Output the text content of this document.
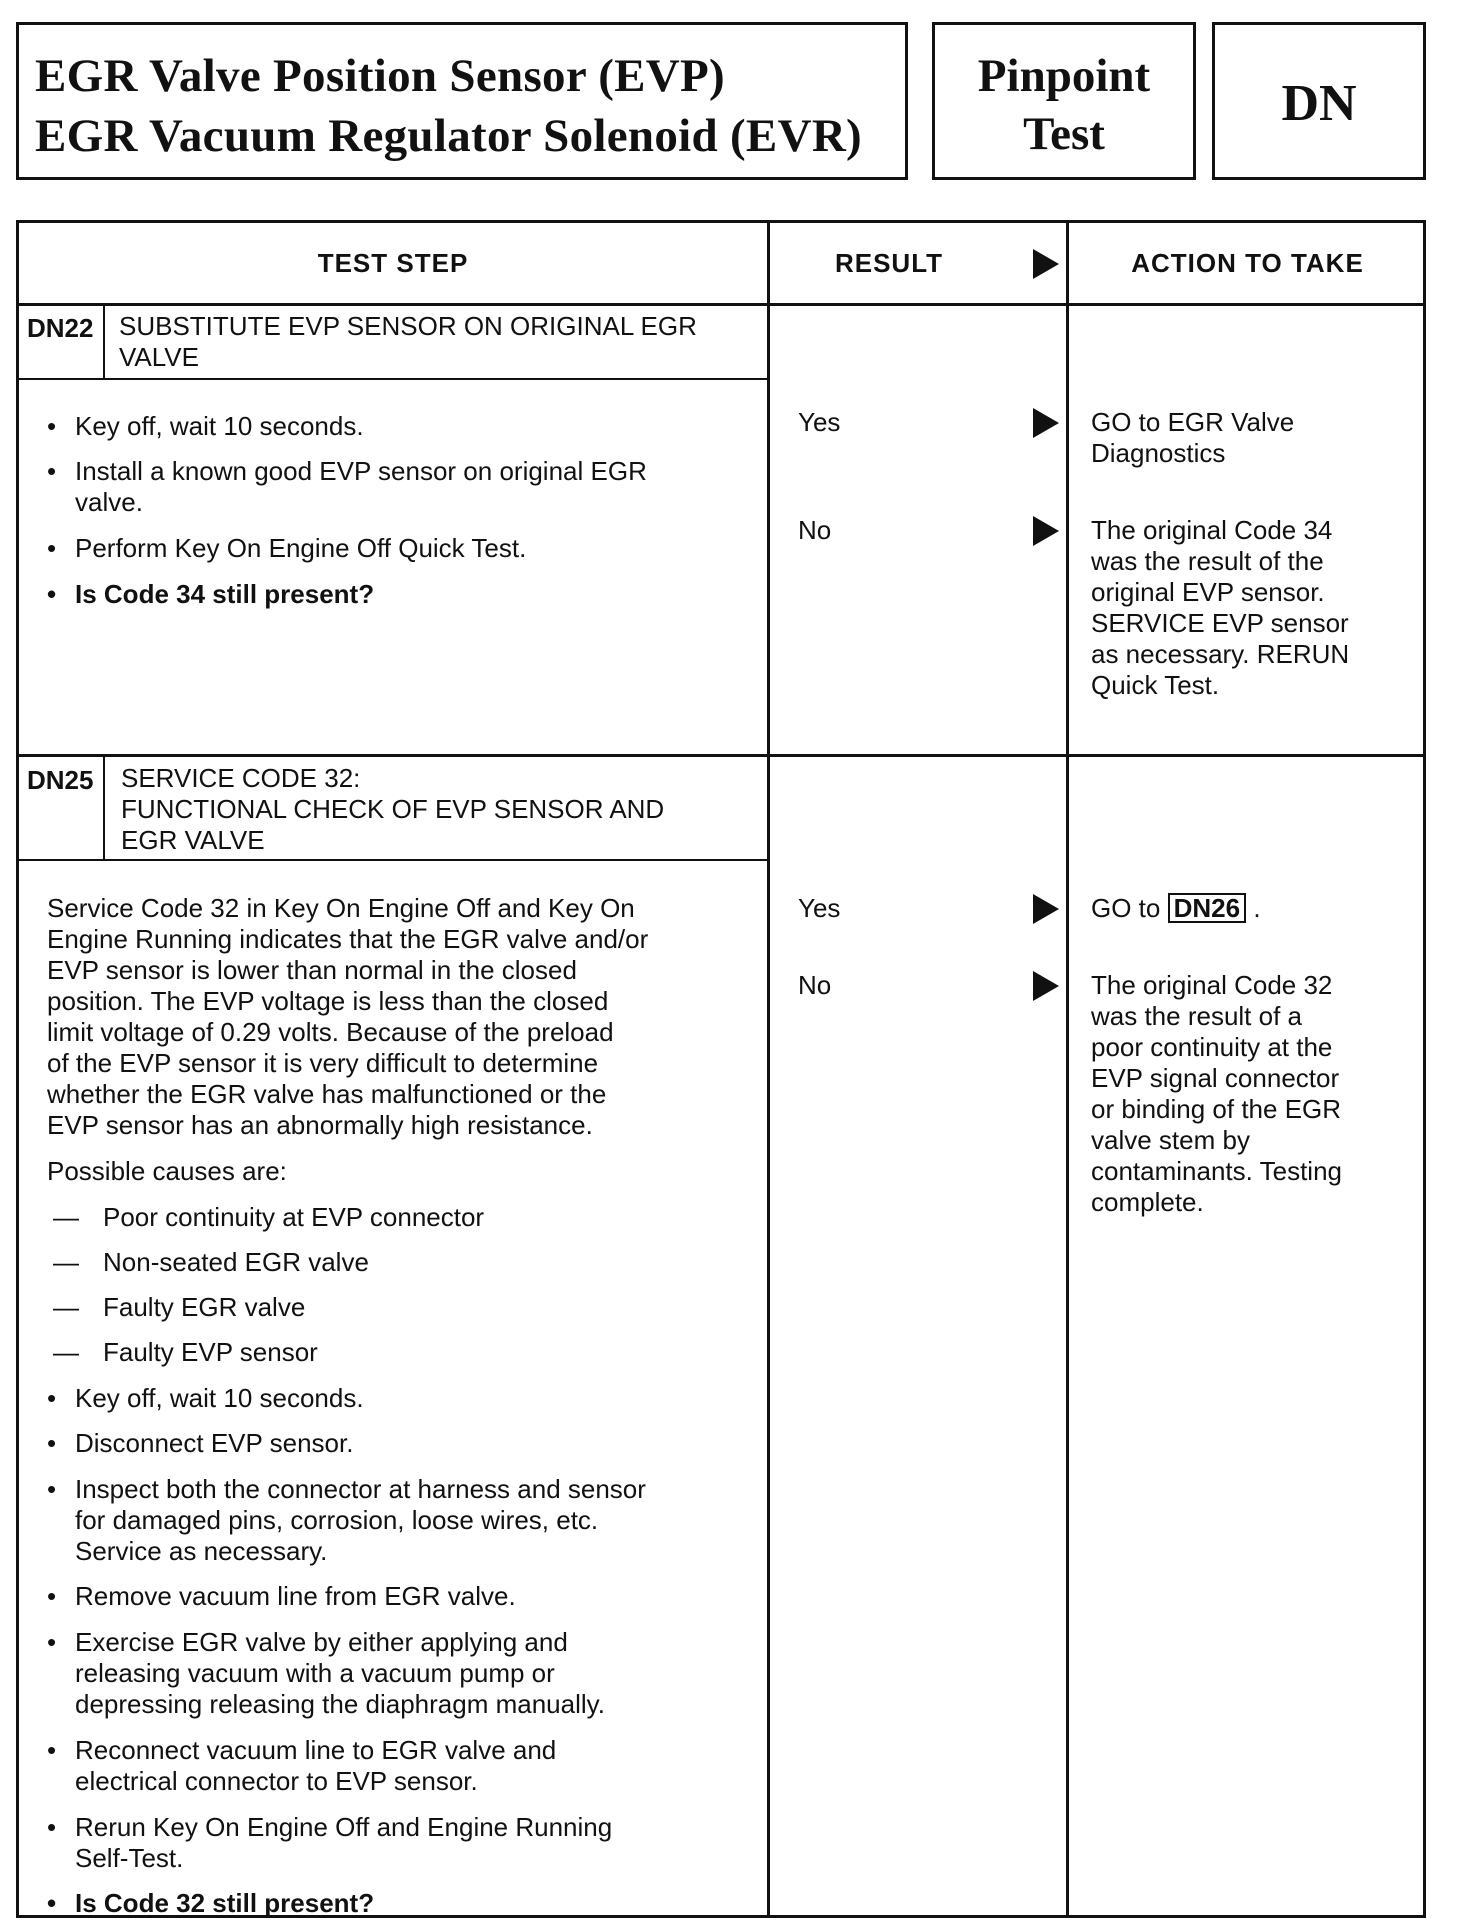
EGR Valve Position Sensor (EVP)
EGR Vacuum Regulator Solenoid (EVR)
Pinpoint
Test
DN
TEST STEP	RESULT	ACTION TO TAKE
DN22 SUBSTITUTE EVP SENSOR ON ORIGINAL EGR
VALVE
• Key off, wait 10 seconds.
• Install a known good EVP sensor on original EGR
valve.
• Perform Key On Engine Off Quick Test.
• Is Code 34 still present?
Yes
No
GO to EGR Valve
Diagnostics
The original Code 34
was the result of the
original EVP sensor.
SERVICE EVP sensor
as necessary. RERUN
Quick Test.
DN25 SERVICE CODE 32:
FUNCTIONAL CHECK OF EVP SENSOR AND
EGR VALVE
Service Code 32 in Key On Engine Off and Key On
Engine Running indicates that the EGR valve and/or
EVP sensor is lower than normal in the closed
position. The EVP voltage is less than the closed
limit voltage of 0.29 volts. Because of the preload
of the EVP sensor it is very difficult to determine
whether the EGR valve has malfunctioned or the
EVP sensor has an abnormally high resistance.
Possible causes are:
— Poor continuity at EVP connector
— Non-seated EGR valve
— Faulty EGR valve
— Faulty EVP sensor
• Key off, wait 10 seconds.
• Disconnect EVP sensor.
• Inspect both the connector at harness and sensor
for damaged pins, corrosion, loose wires, etc.
Service as necessary.
• Remove vacuum line from EGR valve.
• Exercise EGR valve by either applying and
releasing vacuum with a vacuum pump or
depressing releasing the diaphragm manually.
• Reconnect vacuum line to EGR valve and
electrical connector to EVP sensor.
• Rerun Key On Engine Off and Engine Running
Self-Test.
• Is Code 32 still present?
Yes
No
GO to DN26 .
The original Code 32
was the result of a
poor continuity at the
EVP signal connector
or binding of the EGR
valve stem by
contaminants. Testing
complete.
